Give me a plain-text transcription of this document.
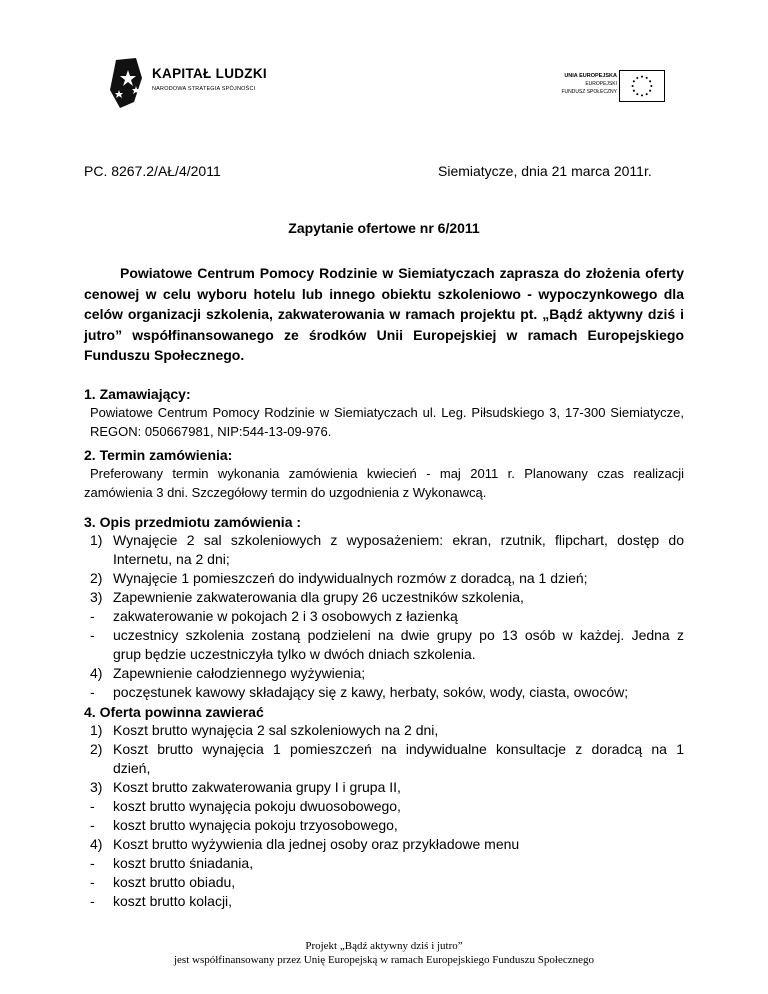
KAPITAŁ LUDZKI
NARODOWA STRATEGIA SPÓJNOŚCI
UNIA EUROPEJSKA
EUROPEJSKI
FUNDUSZ SPOŁECZNY
PC. 8267.2/AŁ/4/2011	Siemiatycze, dnia 21 marca 2011r.
Zapytanie ofertowe nr 6/2011
Powiatowe Centrum Pomocy Rodzinie w Siemiatyczach zaprasza do złożenia oferty
cenowej w celu wyboru hotelu lub innego obiektu szkoleniowo - wypoczynkowego dla
celów organizacji szkolenia, zakwaterowania w ramach projektu pt. „Bądź aktywny dziś i
jutro” współfinansowanego ze środków Unii Europejskiej w ramach Europejskiego
Funduszu Społecznego.
1. Zamawiający:
Powiatowe Centrum Pomocy Rodzinie w Siemiatyczach ul. Leg. Piłsudskiego 3, 17-300 Siemiatycze,
REGON: 050667981, NIP:544-13-09-976.
2. Termin zamówienia:
Preferowany termin wykonania zamówienia kwiecień - maj 2011 r. Planowany czas realizacji
zamówienia 3 dni. Szczegółowy termin do uzgodnienia z Wykonawcą.
3. Opis przedmiotu zamówienia :
1) Wynajęcie 2 sal szkoleniowych z wyposażeniem: ekran, rzutnik, flipchart, dostęp do
Internetu, na 2 dni;
2) Wynajęcie 1 pomieszczeń do indywidualnych rozmów z doradcą, na 1 dzień;
3) Zapewnienie zakwaterowania dla grupy 26 uczestników szkolenia,
- zakwaterowanie w pokojach 2 i 3 osobowych z łazienką
- uczestnicy szkolenia zostaną podzieleni na dwie grupy po 13 osób w każdej. Jedna z
grup będzie uczestniczyła tylko w dwóch dniach szkolenia.
4) Zapewnienie całodziennego wyżywienia;
- poczęstunek kawowy składający się z kawy, herbaty, soków, wody, ciasta, owoców;
4. Oferta powinna zawierać
1) Koszt brutto wynajęcia 2 sal szkoleniowych na 2 dni,
2) Koszt brutto wynajęcia 1 pomieszczeń na indywidualne konsultacje z doradcą na 1
dzień,
3) Koszt brutto zakwaterowania grupy I i grupa II,
- koszt brutto wynajęcia pokoju dwuosobowego,
- koszt brutto wynajęcia pokoju trzyosobowego,
4) Koszt brutto wyżywienia dla jednej osoby oraz przykładowe menu
- koszt brutto śniadania,
- koszt brutto obiadu,
- koszt brutto kolacji,
Projekt „Bądź aktywny dziś i jutro”
jest współfinansowany przez Unię Europejską w ramach Europejskiego Funduszu Społecznego
